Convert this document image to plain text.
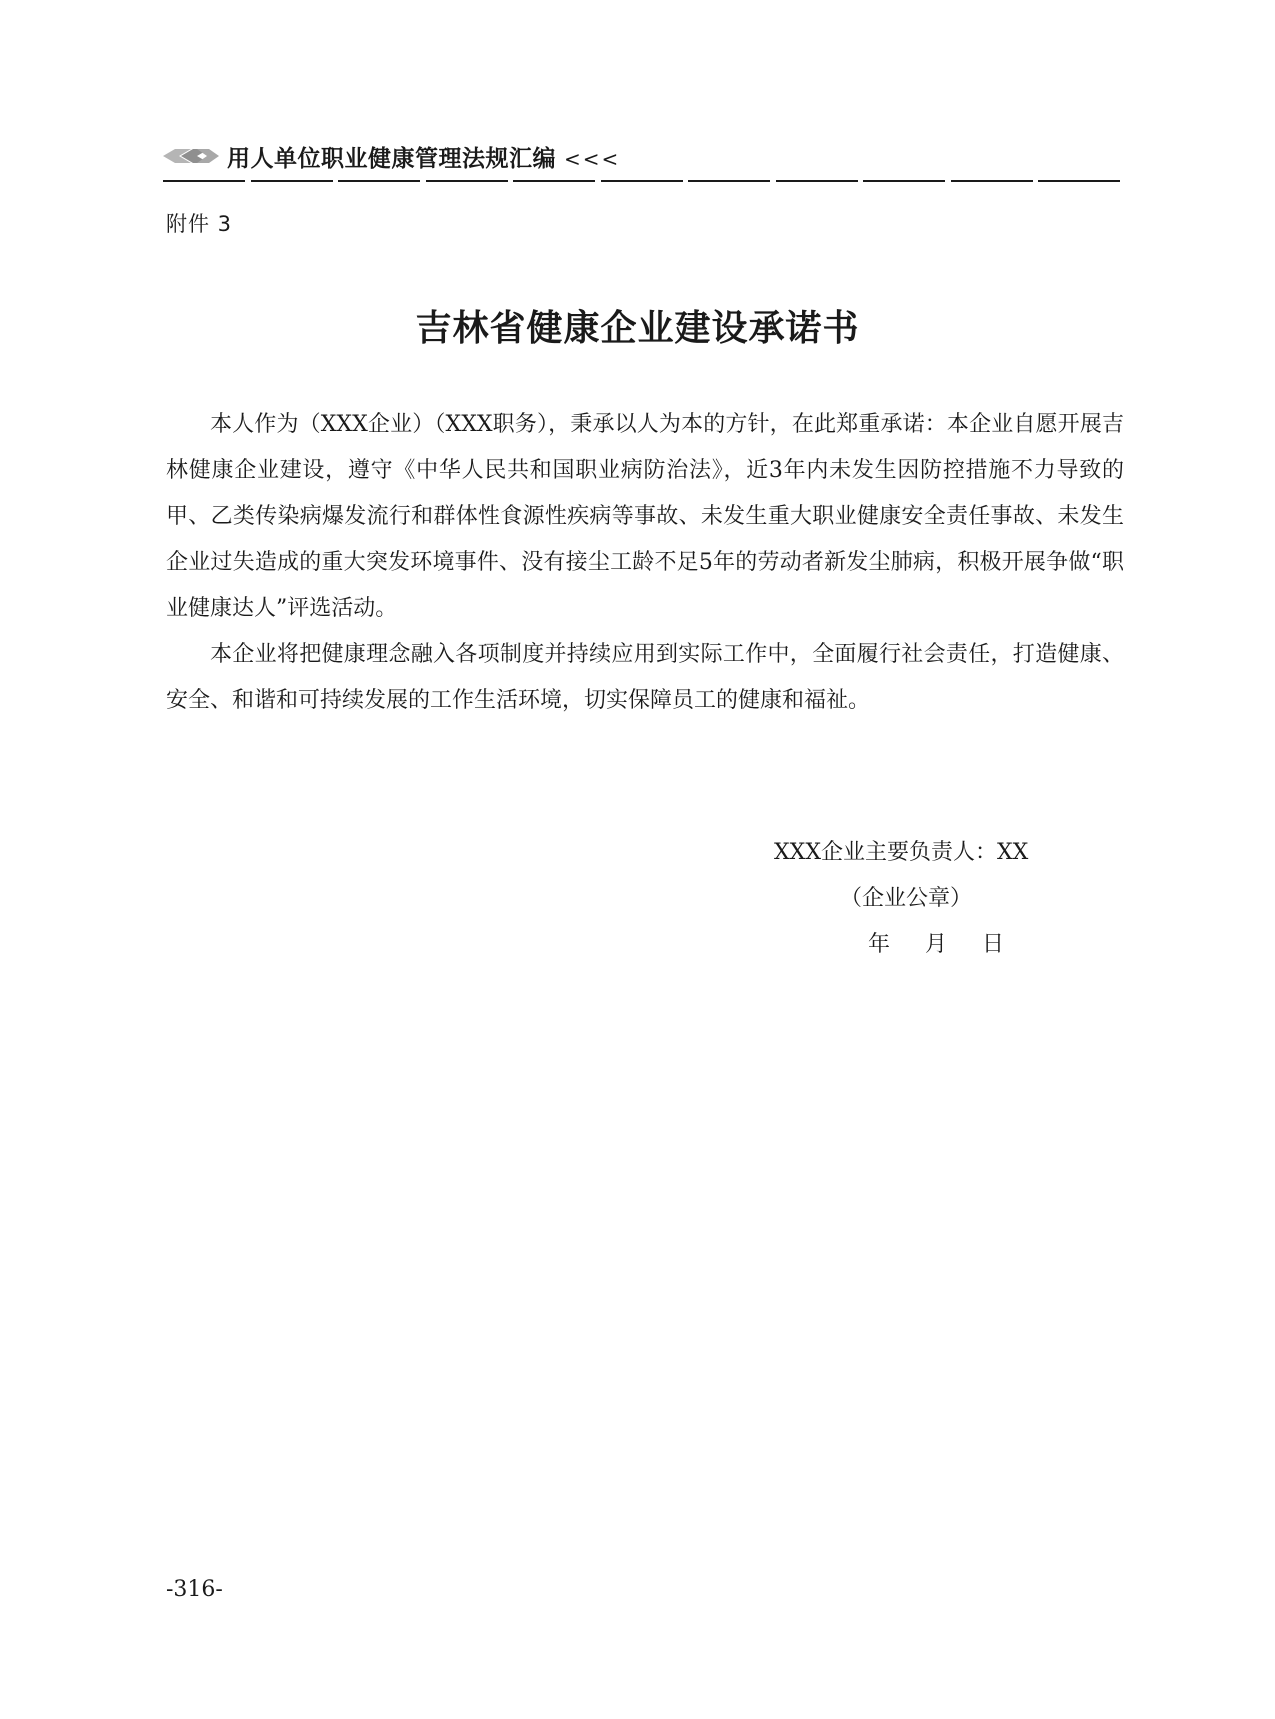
用人单位职业健康管理法规汇编 <<<
附件 3
吉林省健康企业建设承诺书

本人作为（XXX企业）（XXX职务），秉承以人为本的方针，在此郑重承诺：本企业自愿开展吉林健康企业建设，遵守《中华人民共和国职业病防治法》，近3年内未发生因防控措施不力导致的甲、乙类传染病爆发流行和群体性食源性疾病等事故、未发生重大职业健康安全责任事故、未发生企业过失造成的重大突发环境事件、没有接尘工龄不足5年的劳动者新发尘肺病，积极开展争做“职业健康达人”评选活动。

本企业将把健康理念融入各项制度并持续应用到实际工作中，全面履行社会责任，打造健康、安全、和谐和可持续发展的工作生活环境，切实保障员工的健康和福祉。

XXX企业主要负责人：XX
（企业公章）
年 月 日
-316-
